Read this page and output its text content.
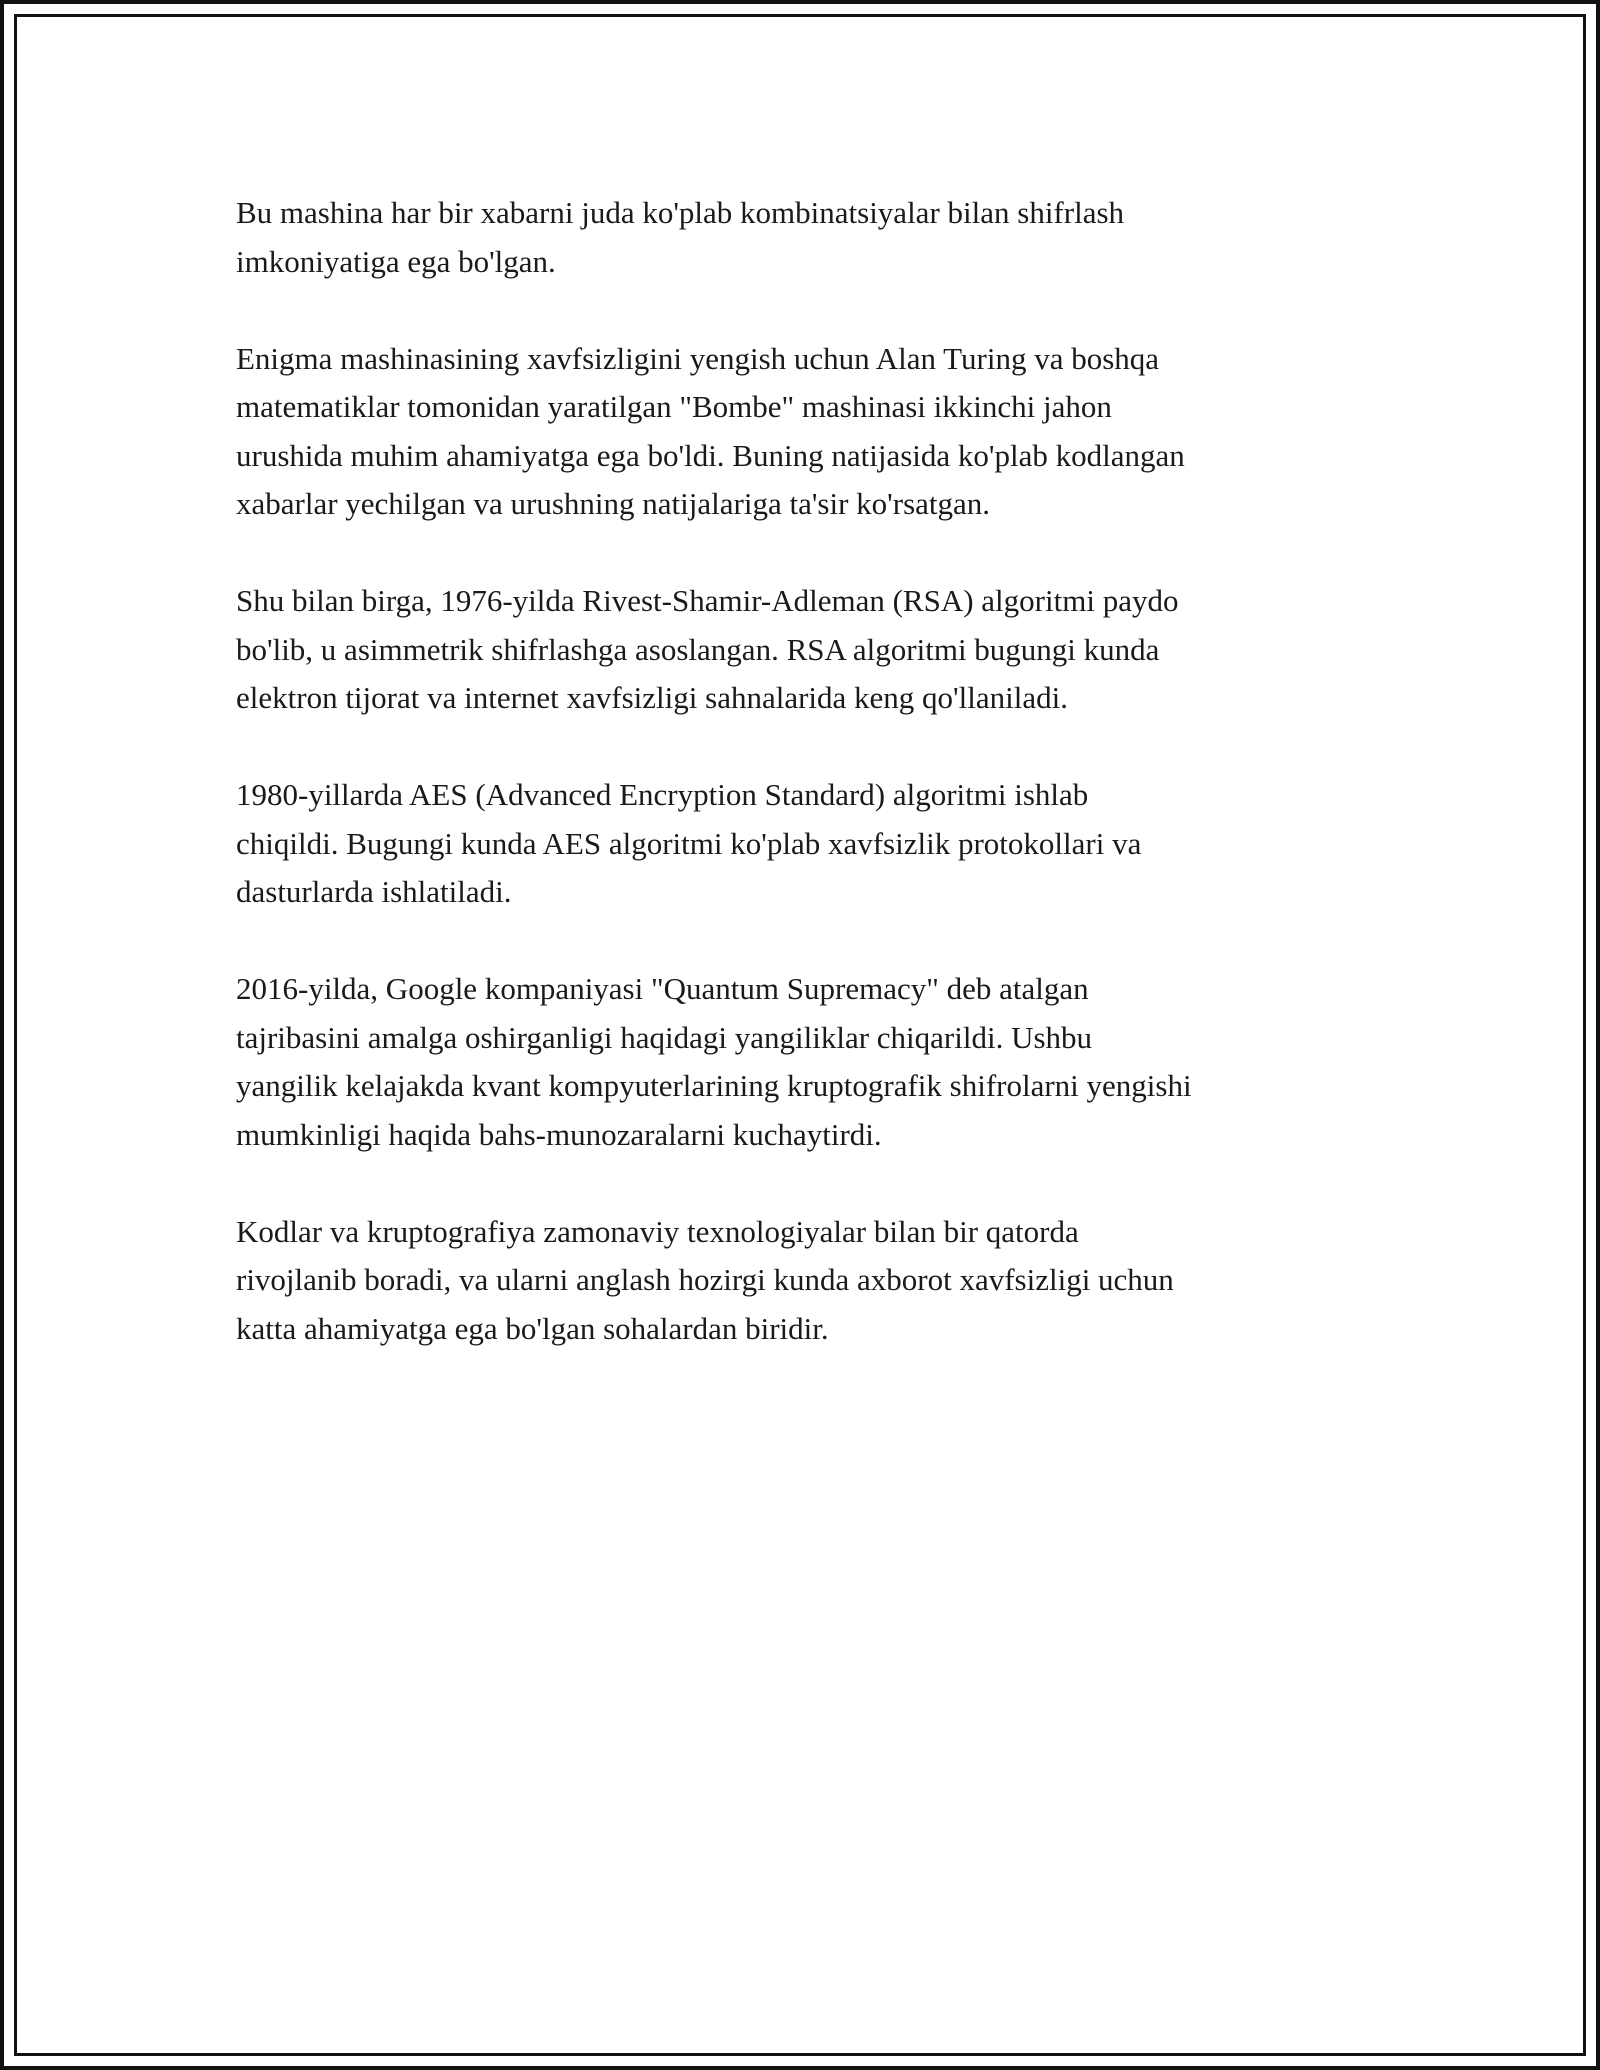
Bu mashina har bir xabarni juda ko'plab kombinatsiyalar bilan shifrlash
imkoniyatiga ega bo'lgan.

Enigma mashinasining xavfsizligini yengish uchun Alan Turing va boshqa
matematiklar tomonidan yaratilgan "Bombe" mashinasi ikkinchi jahon
urushida muhim ahamiyatga ega bo'ldi. Buning natijasida ko'plab kodlangan
xabarlar yechilgan va urushning natijalariga ta'sir ko'rsatgan.

Shu bilan birga, 1976-yilda Rivest-Shamir-Adleman (RSA) algoritmi paydo
bo'lib, u asimmetrik shifrlashga asoslangan. RSA algoritmi bugungi kunda
elektron tijorat va internet xavfsizligi sahnalarida keng qo'llaniladi.

1980-yillarda AES (Advanced Encryption Standard) algoritmi ishlab
chiqildi. Bugungi kunda AES algoritmi ko'plab xavfsizlik protokollari va
dasturlarda ishlatiladi.

2016-yilda, Google kompaniyasi "Quantum Supremacy" deb atalgan
tajribasini amalga oshirganligi haqidagi yangiliklar chiqarildi. Ushbu
yangilik kelajakda kvant kompyuterlarining kruptografik shifrolarni yengishi
mumkinligi haqida bahs-munozaralarni kuchaytirdi.

Kodlar va kruptografiya zamonaviy texnologiyalar bilan bir qatorda
rivojlanib boradi, va ularni anglash hozirgi kunda axborot xavfsizligi uchun
katta ahamiyatga ega bo'lgan sohalardan biridir.
